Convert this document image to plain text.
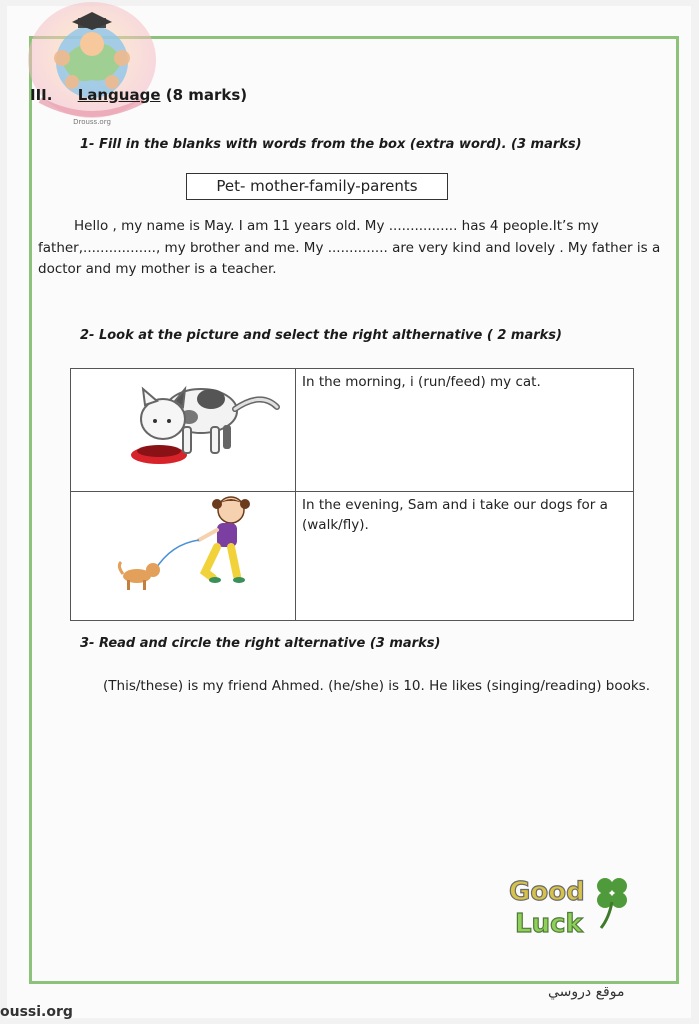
Drouss.org
III. Language (8 marks)
1- Fill in the blanks with words from the box (extra word). (3 marks)
Pet- mother-family-parents
Hello , my name is May. I am 11 years old. My ................ has 4 people.It’s my father,................., my brother and me. My .............. are very kind and lovely . My father is a doctor and my mother is a teacher.
2- Look at the picture and select the right althernative ( 2 marks)
	In the morning, i (run/feed) my cat.
	In the evening, Sam and i take our dogs for a (walk/fly).
3- Read and circle the right alternative (3 marks)
(This/these) is my friend Ahmed. (he/she) is 10. He likes (singing/reading) books.
Good
Luck
موقع دروسي
oussi.org
